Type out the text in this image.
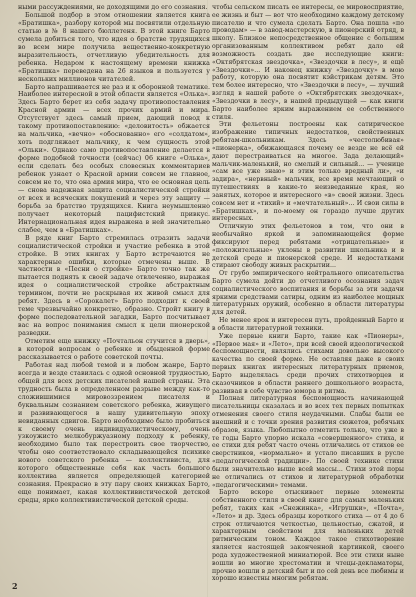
ными рассуждениями, не доходящими до его сознания.

Большой подбор в этом отношении является книга «Братишка», разбору которой мы посвятили отдельную статью в № 8 нашего бюллетеня. В этой книге Барто сумела добиться того, что идея о братстве трудящихся во всем мире получила вещественно-конкретную выразительность, отчетливую убедительность для ребенка. Недаром к настоящему времени книжка «Братишка» переведена на 26 языков и пользуется у нескольких миллионов читателей.

Барто напрашивается не раз и к оборонной тематике. Наиболее интересной в этой области является «Олька». Здесь Барто берет из себя задачу противопоставления Красной армии — всех прочих армий и мира. Отсутствует здесь самый прием, дающий повод к такому противопоставлению: «деловитость» обжается на мальчика, «вечно» «обоснованно» его «солдатом», хоть подгляжает мальчику, к чем сущность этой «Ольки». Однако само противопоставление делается в форме подобной точности (сейчас) 06 книге «Олька», если сделать без особых словесных комментариев ребенок узнает о Красной армии совсем не главное, совсем не то, что она армия мира, что ее основная цель — снова надежная защита социалистической стройки от всех и всяческих покушений и через эту защиту — борьба за братство трудящихся. Книга неумышленно получает некоторый пацифистский привкус. Интернациональная идея выражена в ней значительно слабее, чем в «Братишках».

В ряде книг Барто стремилась отразить задачи социалистической стройки и участие ребенка в этой стройке. В этих книгах у Барто встречаются не характерные ошибки, которые отмечены выше. В частности в «Песни о стройке» Барто точно так же пытается поднять к своей задаче отвлеченно, выражая идея о социалистической стройке абстрактным термином, почти не раскрывая их живой смысл для ребят. Здесь в «Сорокалет» Барто подходит к своей теме чрезвычайно конкретно, образно. Стройт книгу в форме последовательной загадки, Барто посчитывает вас на вопрос понимания смысл к цели пионерской разведки.

Отметим еще книжку «Почтальон стучится в дверь», в которой вопросам о ребенке и обыденной форме рассказывается о работе советской почты.

Работая над любой темой и в любом жанре, Барто всегда и везде ставилась с одной основной трудностью, общей для всех детских писателей нашей страны. Эта трудность была в определенном разрыве между как-то сложившимися мировоззрением писателя и буквальным сознанием советского ребенка, живущего и развивающегося в нашу удивительную эпоху невиданных сдвигов. Барто необходимо было пробиться к своему очень индивидуалистическому, очень узкоужисто мелкобуржуазному подходу к ребенку, необходимо было так перестроить свое творчество, чтобы оно соответствовало складывающейся психике нового советского ребенка — коллективиста, для которого общественные себя как часть большого коллектива является определяющей категорией сознания. Прекрасно в эту пару своих книжках Барто, еще понимает, какая коллективистической детской среды, ярко коллективистической детской среды.

чтобы сельском писать ее интересы, ее мировосприятие, ее жизнь и быт — вот что необходимо каждому детскому писателю и что сумела сделать Барто. Она пошла «по проводам» — в завод-мастерскую, в пионерский отряд, в школу. Близкое непосредственное общение с большим организованным коллективом ребят дало ей возможность создать две исследующие книги: «Октябрятская звездочка», «Звездочки в лесу», и ещё «Звездочки»... И наконец книжку «Звездочку» в мою работу, которую она посвятит кэйстрикам детям. Это тем более интересно, что «Звездочки в лесу», — лучший взгляд в нашей работе о «Октябрятских звездочках», «Звездочки в лесу», в нашей предыдущей — как книги Барто наиболее ярким выражением ее собственного стиля.

Эти фельетоны построены как сатирическое изображение типичных недостатков, свойственных ребятам-школьникам. Здесь «честолюбивая» «пионерка», обижающаяся почему ее везде не всё ей дают перестраиваться на многое. Зада делающий» мальчик-маленький, но смелый и сильный... — ученице «сам все уже знаю» и этим только вредный ли», «и задира», «нервный» мальчик, все время мечтающий о путешествиях в какие-то неизведанные края, но занятых, которое и интересного «в» своей жизни. Здесь совсем нет и «тихий» и «мечтательный»... И свои силы в «Братишках», и по-моему он гораздо лучше других интересных.

Отличную этих фельетонов в том, что они в необычайно яркой и запоминающейся форме фиксируют перед ребятами «отрицательные» и «положительные» уклоны в развитии школьника и в детской среде и пионерской среде. И недостатками стирают свободу живых раскрытии...

От грубо эмпирического нейтрального описательства Барто сумела дойти до отчетливого осознания задач социалистического воспитания и борьбы за эти задачи яркими средствами сатиры, одним из наиболее мощных литературных оружий, особенно в области литературы для детей.

Не менее ярок и интересен путь, пройденный Барто и в области литературной техники.

Уже первые книги Барто, такие как «Пионеры», «Первое мая» и «Лето», при всей своей идеологической беспомощности, являлись стихами довольно высокого качества по своей форме. Не оставляя даже в своих первых книгах интересных литературных приемов, Барто выделялась среди прочих стихотворцев и сказочников в области раннего дошкольного возраста, развивая в себе чувство юмора и ритма.

Полная литературная беспомощность начинающей писательницы сказалась и во всех тех первых попытках отменения своего стиля неудачными. Слабы были ее внешний и с точки зрения развития сюжетов, ребячьих образов, языка. Любопытно отметить только, что уже в те годы Барто упорно искала «совершенного» стиха, и ее стихи для ребят часто очень отличались от стихов ее сверстников, «нормально» и устало писавших в русле «педагогической традиции». По своей технике стихи были значительно выше всей массы... Стихи этой поры не отличались от стихов и литературной обработки «педагогическими» темами.

Барто вскоре отыскивает первые элементы собственного стиля в своей книге для самых маленьких ребят, таких как «Снежинка», «Игрушки», «Почта», «Лето» и др. Здесь образцы короткого стиха — от 4 до 6 строк отличаются четкостью, цельностью, сжатой, и характерным свойством для маленьких детей ритмическим тоном. Каждое такое стихотворение является настоящей законченной картинкой, своего рода художественной миниатюрой. Все эти стихи ныне вошли во многие хрестоматии и чтецы-декламаторы, прочно вошли в детский быт и по сей день все любимы и хорошо известны многим ребятам.

2
